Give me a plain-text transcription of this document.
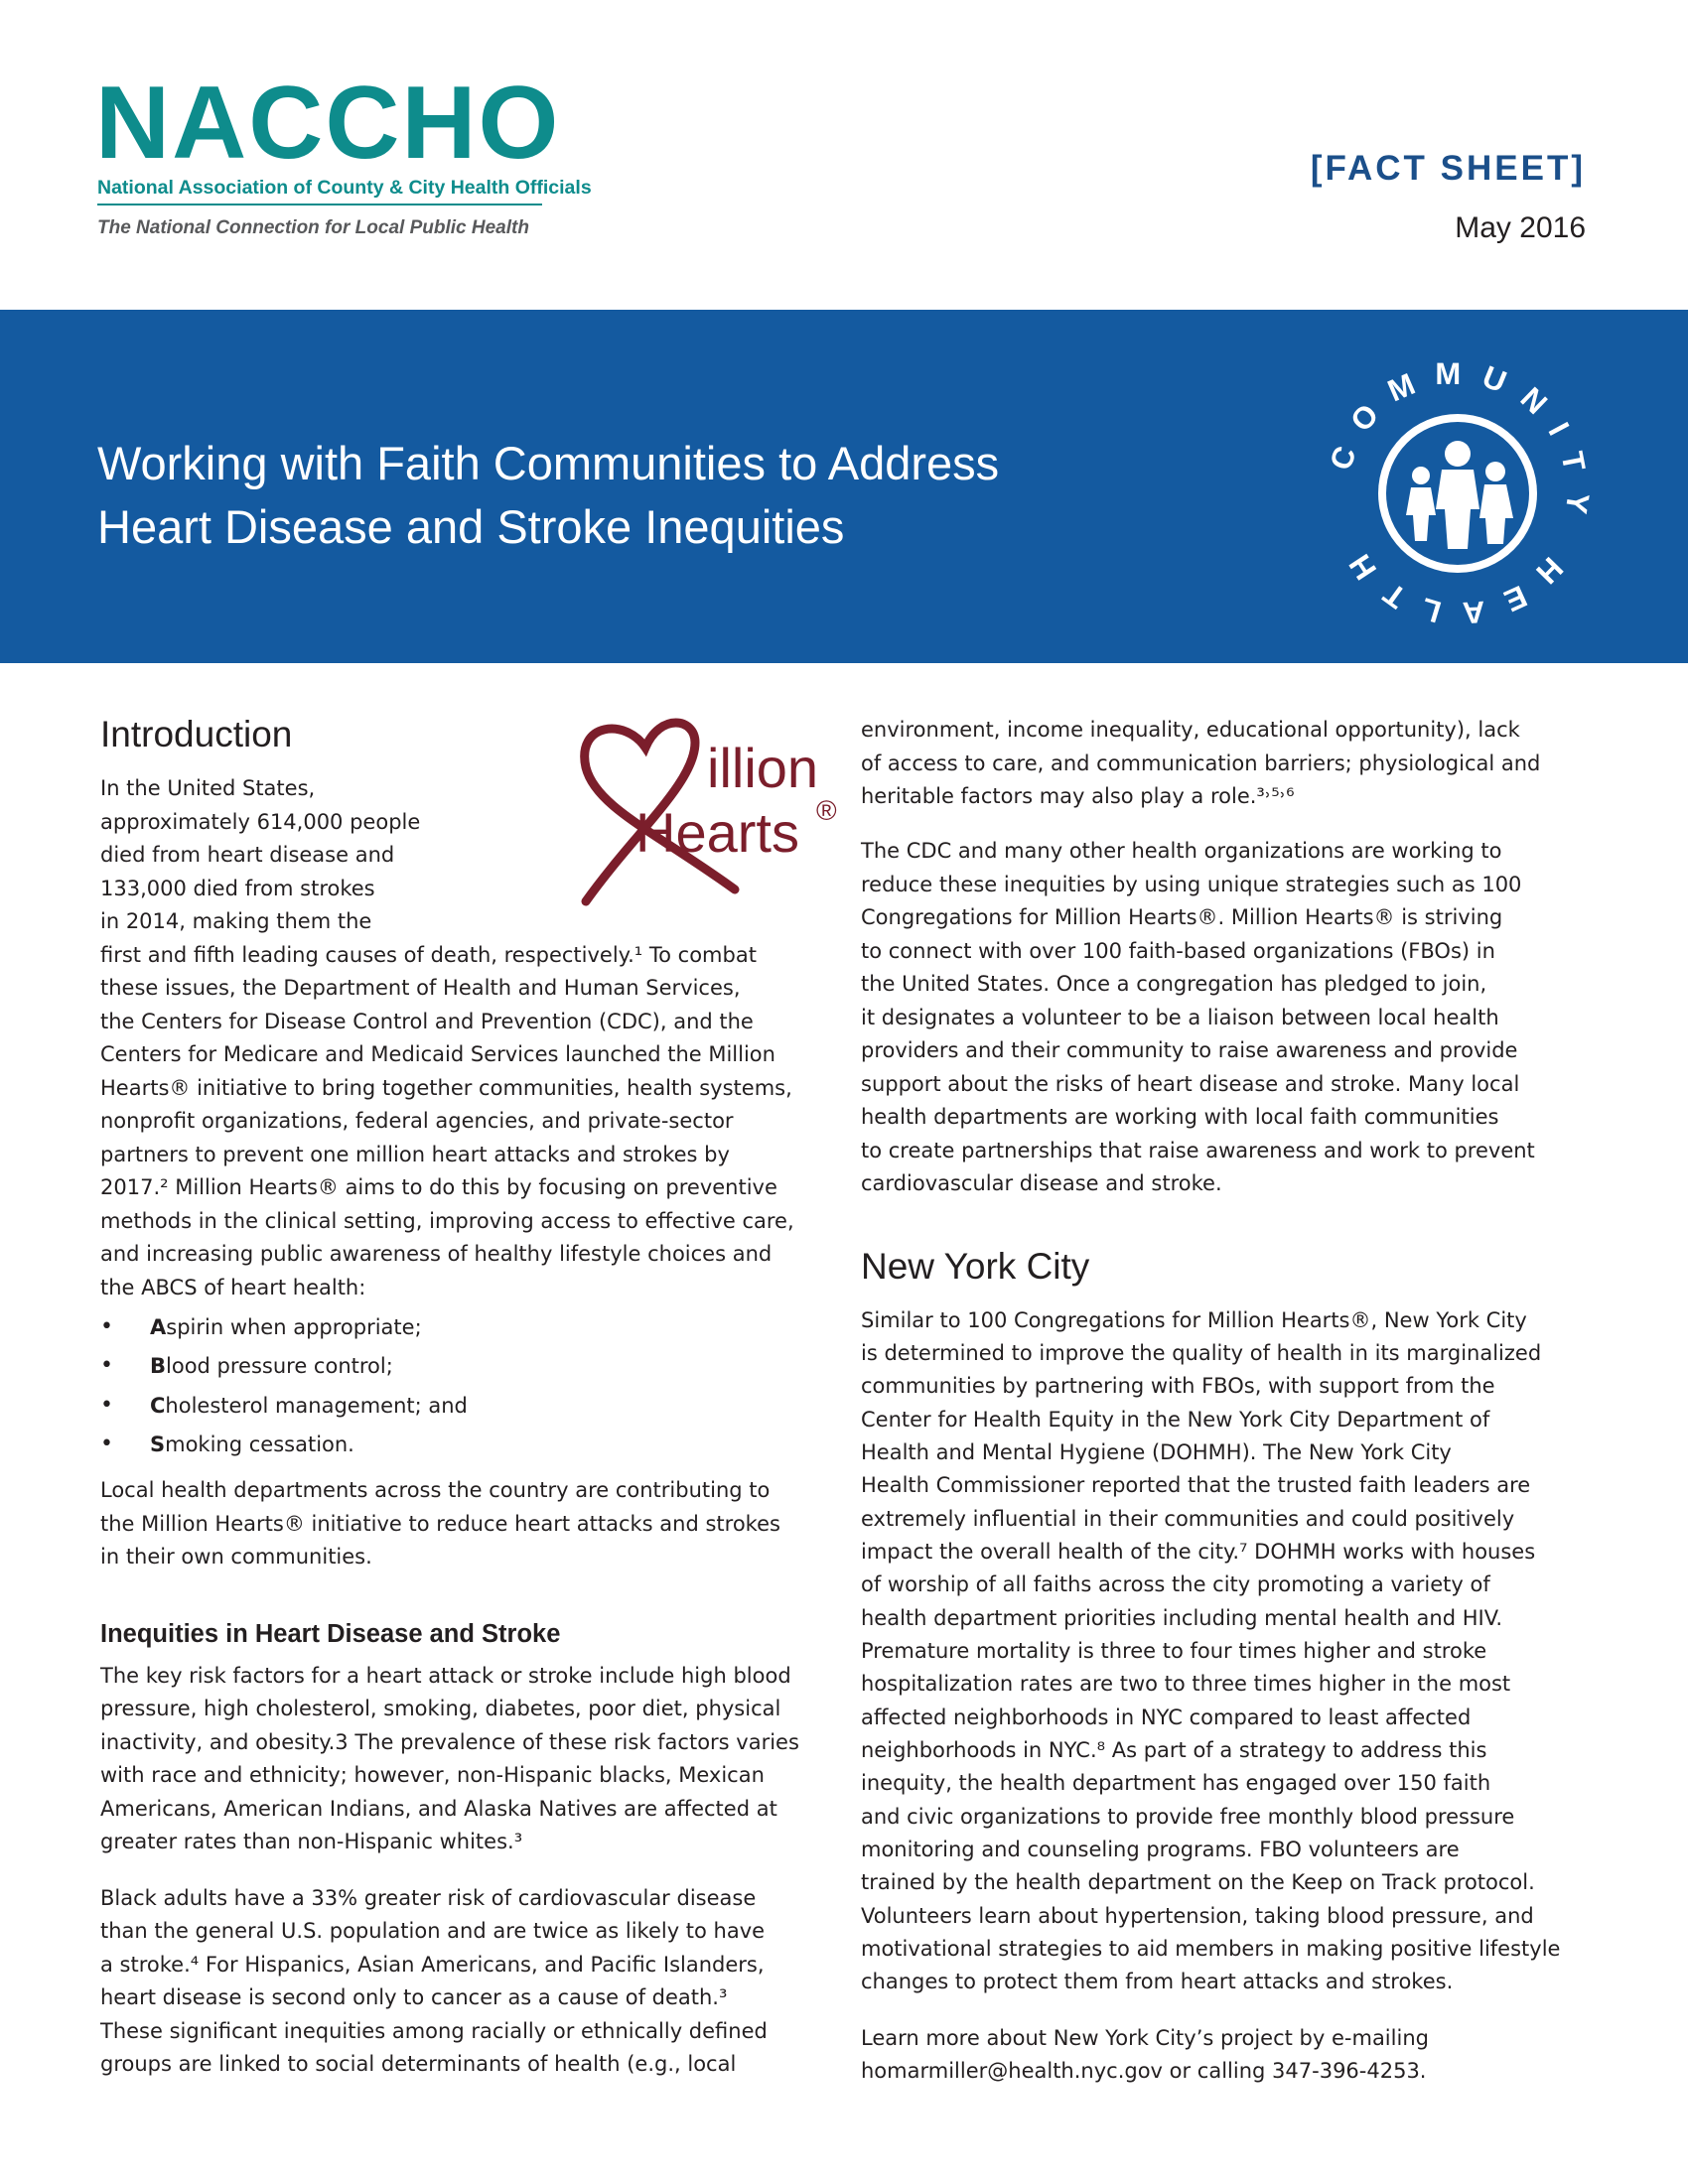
NACCHO
National Association of County & City Health Officials
The National Connection for Local Public Health
[FACT SHEET]
May 2016
Working with Faith Communities to Address
Heart Disease and Stroke Inequities
COMMUNITY HEALTH
illion
Hearts ®
Introduction
In the United States,
approximately 614,000 people
died from heart disease and
133,000 died from strokes
in 2014, making them the
first and fifth leading causes of death, respectively.¹ To combat
these issues, the Department of Health and Human Services,
the Centers for Disease Control and Prevention (CDC), and the
Centers for Medicare and Medicaid Services launched the Million
Hearts® initiative to bring together communities, health systems,
nonprofit organizations, federal agencies, and private-sector
partners to prevent one million heart attacks and strokes by
2017.² Million Hearts® aims to do this by focusing on preventive
methods in the clinical setting, improving access to effective care,
and increasing public awareness of healthy lifestyle choices and
the ABCS of heart health:
• Aspirin when appropriate;
• Blood pressure control;
• Cholesterol management; and
• Smoking cessation.
Local health departments across the country are contributing to
the Million Hearts® initiative to reduce heart attacks and strokes
in their own communities.
Inequities in Heart Disease and Stroke
The key risk factors for a heart attack or stroke include high blood
pressure, high cholesterol, smoking, diabetes, poor diet, physical
inactivity, and obesity.3 The prevalence of these risk factors varies
with race and ethnicity; however, non-Hispanic blacks, Mexican
Americans, American Indians, and Alaska Natives are affected at
greater rates than non-Hispanic whites.³
Black adults have a 33% greater risk of cardiovascular disease
than the general U.S. population and are twice as likely to have
a stroke.⁴ For Hispanics, Asian Americans, and Pacific Islanders,
heart disease is second only to cancer as a cause of death.³
These significant inequities among racially or ethnically defined
groups are linked to social determinants of health (e.g., local
environment, income inequality, educational opportunity), lack
of access to care, and communication barriers; physiological and
heritable factors may also play a role.³˒⁵˒⁶
The CDC and many other health organizations are working to
reduce these inequities by using unique strategies such as 100
Congregations for Million Hearts®. Million Hearts® is striving
to connect with over 100 faith-based organizations (FBOs) in
the United States. Once a congregation has pledged to join,
it designates a volunteer to be a liaison between local health
providers and their community to raise awareness and provide
support about the risks of heart disease and stroke. Many local
health departments are working with local faith communities
to create partnerships that raise awareness and work to prevent
cardiovascular disease and stroke.
New York City
Similar to 100 Congregations for Million Hearts®, New York City
is determined to improve the quality of health in its marginalized
communities by partnering with FBOs, with support from the
Center for Health Equity in the New York City Department of
Health and Mental Hygiene (DOHMH). The New York City
Health Commissioner reported that the trusted faith leaders are
extremely influential in their communities and could positively
impact the overall health of the city.⁷ DOHMH works with houses
of worship of all faiths across the city promoting a variety of
health department priorities including mental health and HIV.
Premature mortality is three to four times higher and stroke
hospitalization rates are two to three times higher in the most
affected neighborhoods in NYC compared to least affected
neighborhoods in NYC.⁸ As part of a strategy to address this
inequity, the health department has engaged over 150 faith
and civic organizations to provide free monthly blood pressure
monitoring and counseling programs. FBO volunteers are
trained by the health department on the Keep on Track protocol.
Volunteers learn about hypertension, taking blood pressure, and
motivational strategies to aid members in making positive lifestyle
changes to protect them from heart attacks and strokes.
Learn more about New York City’s project by e-mailing
homarmiller@health.nyc.gov or calling 347-396-4253.
